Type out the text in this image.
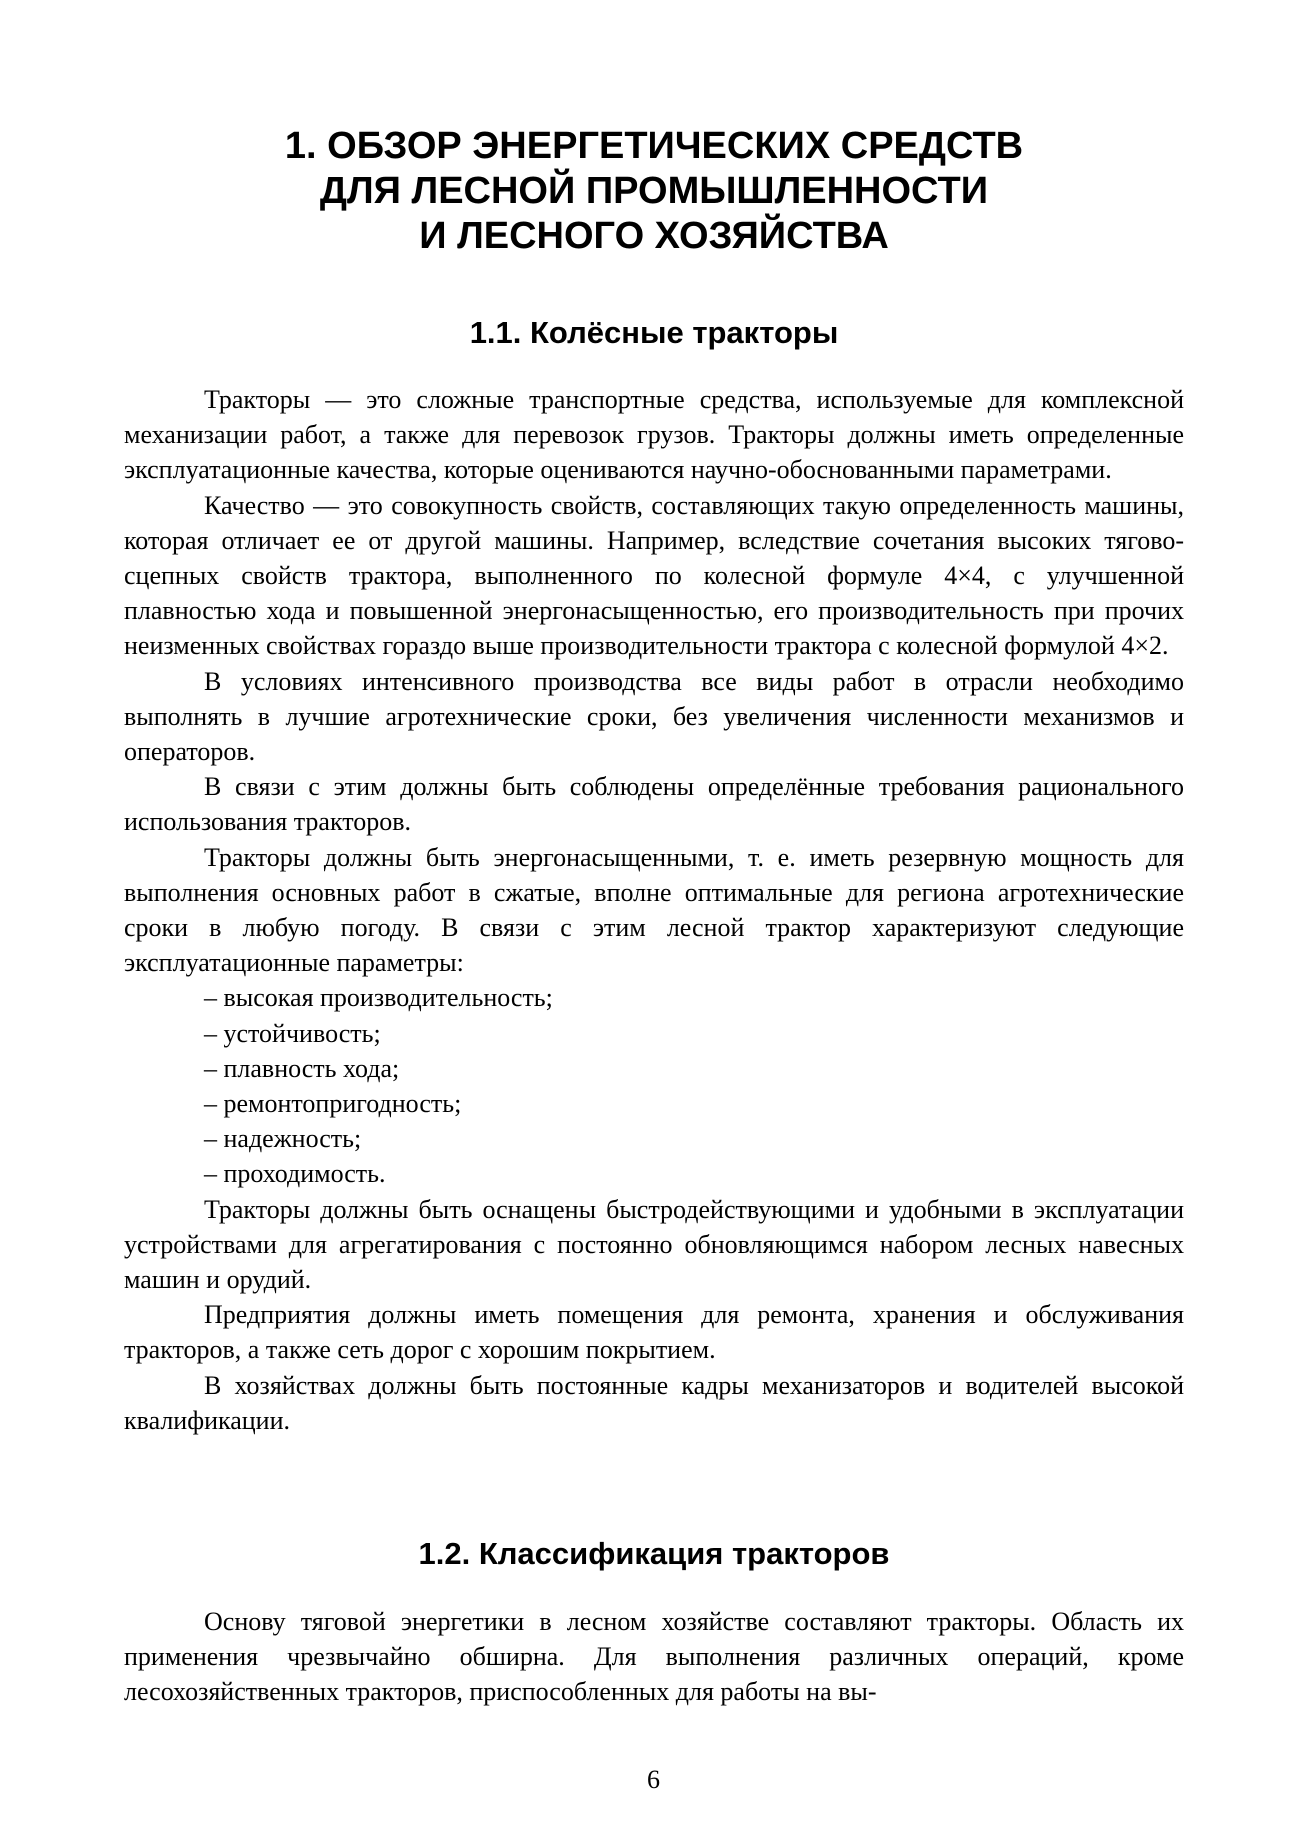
1. ОБЗОР ЭНЕРГЕТИЧЕСКИХ СРЕДСТВ
ДЛЯ ЛЕСНОЙ ПРОМЫШЛЕННОСТИ
И ЛЕСНОГО ХОЗЯЙСТВА
1.1. Колёсные тракторы

Тракторы — это сложные транспортные средства, используемые для комплексной механизации работ, а также для перевозок грузов. Тракторы должны иметь определенные эксплуатационные качества, которые оцениваются научно-обоснованными параметрами.

Качество — это совокупность свойств, составляющих такую определенность машины, которая отличает ее от другой машины. Например, вследствие сочетания высоких тягово-сцепных свойств трактора, выполненного по колесной формуле 4×4, с улучшенной плавностью хода и повышенной энергонасыщенностью, его производительность при прочих неизменных свойствах гораздо выше производительности трактора с колесной формулой 4×2.

В условиях интенсивного производства все виды работ в отрасли необходимо выполнять в лучшие агротехнические сроки, без увеличения численности механизмов и операторов.

В связи с этим должны быть соблюдены определённые требования рационального использования тракторов.

Тракторы должны быть энергонасыщенными, т. е. иметь резервную мощность для выполнения основных работ в сжатые, вполне оптимальные для региона агротехнические сроки в любую погоду. В связи с этим лесной трактор характеризуют следующие эксплуатационные параметры:

– высокая производительность;

– устойчивость;

– плавность хода;

– ремонтопригодность;

– надежность;

– проходимость.

Тракторы должны быть оснащены быстродействующими и удобными в эксплуатации устройствами для агрегатирования с постоянно обновляющимся набором лесных навесных машин и орудий.

Предприятия должны иметь помещения для ремонта, хранения и обслуживания тракторов, а также сеть дорог с хорошим покрытием.

В хозяйствах должны быть постоянные кадры механизаторов и водителей высокой квалификации.

1.2. Классификация тракторов

Основу тяговой энергетики в лесном хозяйстве составляют тракторы. Область их применения чрезвычайно обширна. Для выполнения различных операций, кроме лесохозяйственных тракторов, приспособленных для работы на вы-

6
